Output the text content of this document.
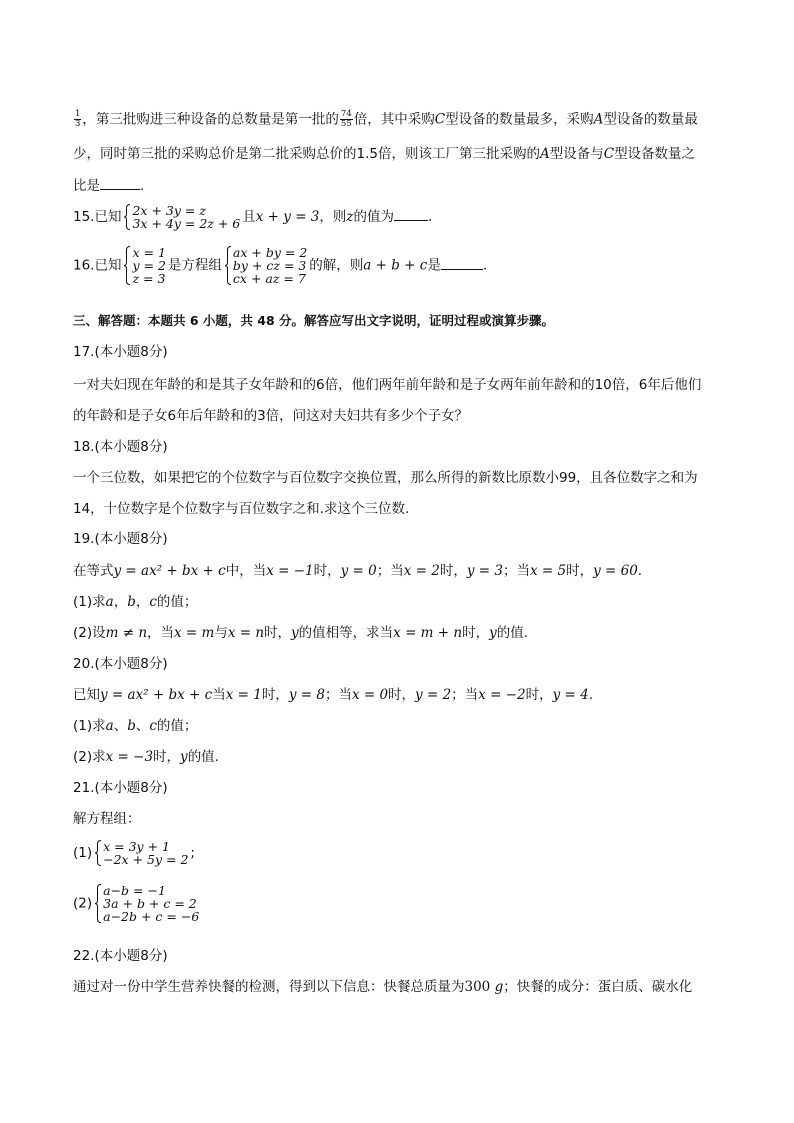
$\frac{1}{3}$ ，第三批购进三种设备的总数量是第一批的 $\frac{74}{55}$ 倍，其中采购C型设备的数量最多，采购A型设备的数量最
少，同时第三批的采购总价是第二批采购总价的1.5倍，则该工厂第三批采购的A型设备与C型设备数量之
比是	.
15.已知 2x + 3y = z
3x + 4y = 2z + 6 且x + y = 3，则z的值为	.
16.已知
x = 1
y = 2
z = 3
是方程组
ax + by = 2
by + cz = 3
cx + az = 7
的解，则a + b + c是	.
三、解答题：本题共 6 小题，共 48 分。解答应写出文字说明，证明过程或演算步骤。
17.(本小题8分)
一对夫妇现在年龄的和是其子女年龄和的6倍，他们两年前年龄和是子女两年前年龄和的10倍，6年后他们
的年龄和是子女6年后年龄和的3倍，问这对夫妇共有多少个子女？
18.(本小题8分)
一个三位数，如果把它的个位数字与百位数字交换位置，那么所得的新数比原数小99，且各位数字之和为
14，十位数字是个位数字与百位数字之和.求这个三位数.
19.(本小题8分)
在等式y = ax² + bx + c中，当x = −1时，y = 0；当x = 2时，y = 3；当x = 5时，y = 60.
(1)求a，b，c的值；
(2)设m ≠ n，当x = m与x = n时，y的值相等，求当x = m + n时，y的值.
20.(本小题8分)
已知y = ax² + bx + c当x = 1时，y = 8；当x = 0时，y = 2；当x = −2时，y = 4.
(1)求a、b、c的值；
(2)求x = −3时，y的值.
21.(本小题8分)
解方程组：
(1) x = 3y + 1
−2x + 5y = 2 ;
(2)
a−b = −1
3a + b + c = 2
a−2b + c = −6
22.(本小题8分)
通过对一份中学生营养快餐的检测，得到以下信息：快餐总质量为300 g；快餐的成分：蛋白质、碳水化
